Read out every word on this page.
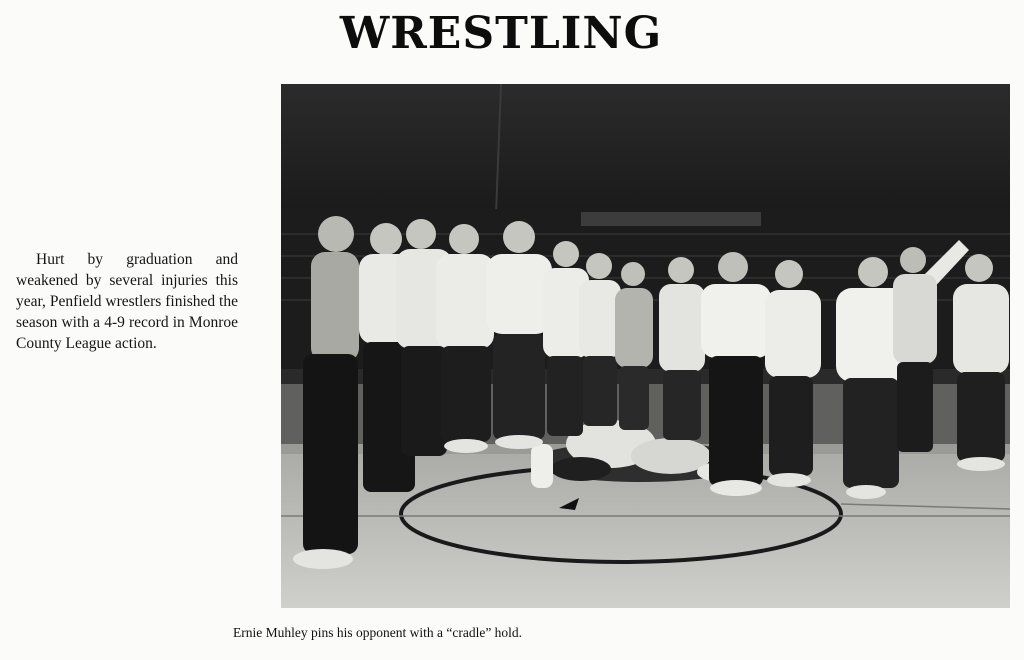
WRESTLING

Hurt by graduation and weakened by several injuries this year, Penfield wrestlers finished the season with a 4-9 record in Monroe County League action.

Ernie Muhley pins his opponent with a “cradle” hold.
